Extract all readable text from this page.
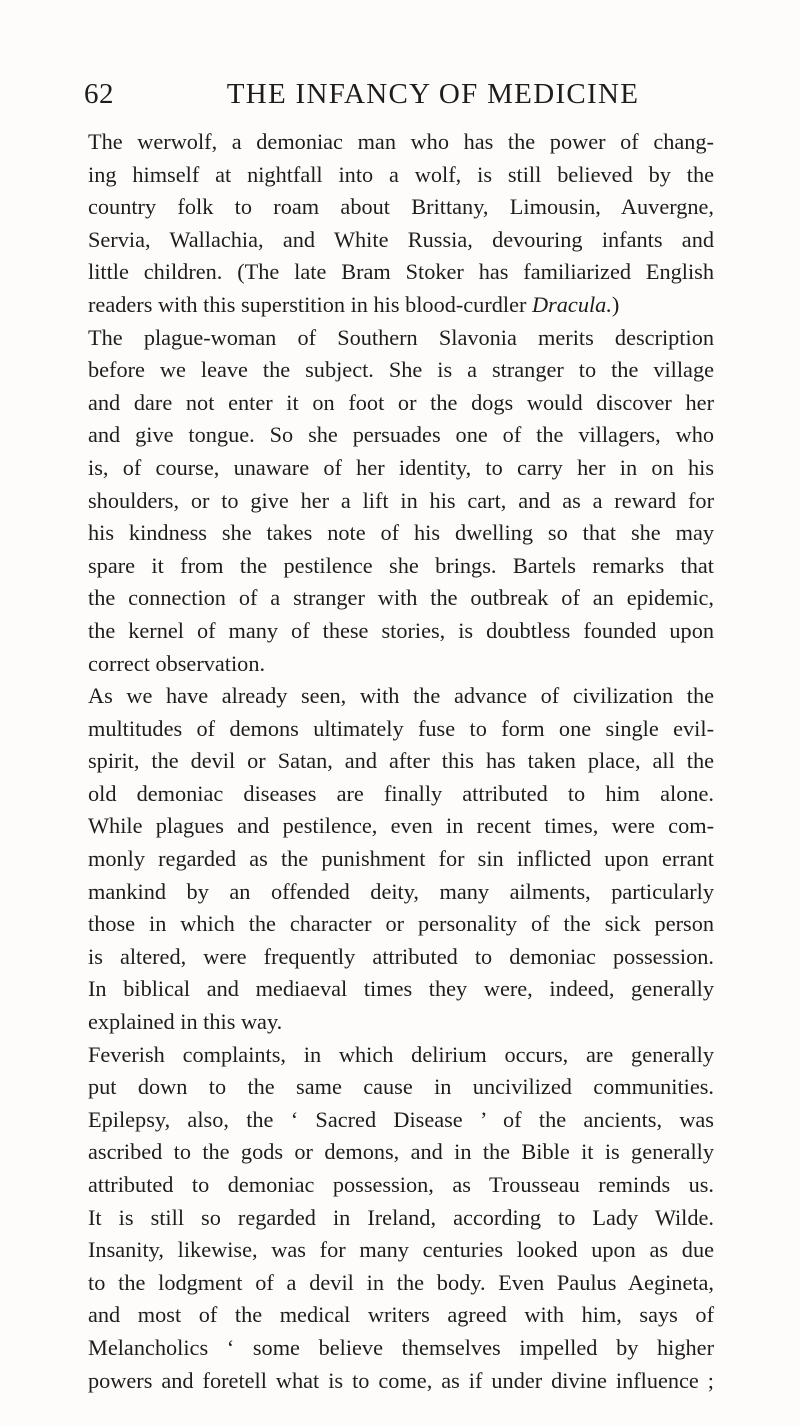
62	THE INFANCY OF MEDICINE

The werwolf, a demoniac man who has the power of chang-
ing himself at nightfall into a wolf, is still believed by the
country folk to roam about Brittany, Limousin, Auvergne,
Servia, Wallachia, and White Russia, devouring infants and
little children. (The late Bram Stoker has familiarized English
readers with this superstition in his blood-curdler Dracula.)

The plague-woman of Southern Slavonia merits description
before we leave the subject. She is a stranger to the village
and dare not enter it on foot or the dogs would discover her
and give tongue. So she persuades one of the villagers, who
is, of course, unaware of her identity, to carry her in on his
shoulders, or to give her a lift in his cart, and as a reward for
his kindness she takes note of his dwelling so that she may
spare it from the pestilence she brings. Bartels remarks that
the connection of a stranger with the outbreak of an epidemic,
the kernel of many of these stories, is doubtless founded upon
correct observation.

As we have already seen, with the advance of civilization the
multitudes of demons ultimately fuse to form one single evil-
spirit, the devil or Satan, and after this has taken place, all the
old demoniac diseases are finally attributed to him alone.
While plagues and pestilence, even in recent times, were com-
monly regarded as the punishment for sin inflicted upon errant
mankind by an offended deity, many ailments, particularly
those in which the character or personality of the sick person
is altered, were frequently attributed to demoniac possession.
In biblical and mediaeval times they were, indeed, generally
explained in this way.

Feverish complaints, in which delirium occurs, are generally
put down to the same cause in uncivilized communities.
Epilepsy, also, the ‘ Sacred Disease ’ of the ancients, was
ascribed to the gods or demons, and in the Bible it is generally
attributed to demoniac possession, as Trousseau reminds us.
It is still so regarded in Ireland, according to Lady Wilde.
Insanity, likewise, was for many centuries looked upon as due
to the lodgment of a devil in the body. Even Paulus Aegineta,
and most of the medical writers agreed with him, says of
Melancholics ‘ some believe themselves impelled by higher
powers and foretell what is to come, as if under divine influence ;
